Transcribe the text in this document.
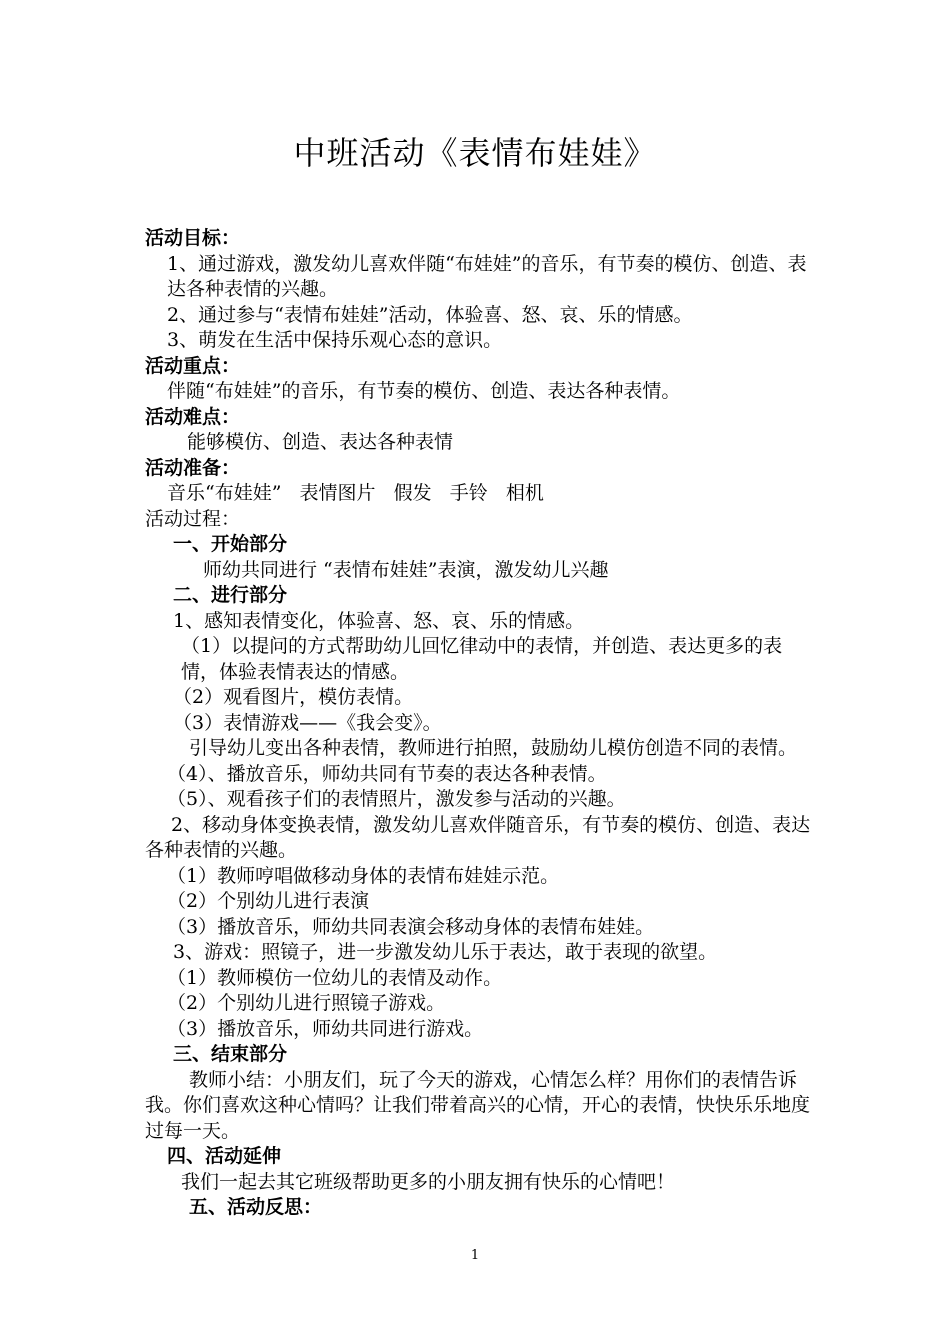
中班活动《表情布娃娃》

活动目标：

1、通过游戏，激发幼儿喜欢伴随“布娃娃”的音乐，有节奏的模仿、创造、表达各种表情的兴趣。

2、通过参与“表情布娃娃”活动，体验喜、怒、哀、乐的情感。

3、萌发在生活中保持乐观心态的意识。

活动重点：

伴随“布娃娃”的音乐，有节奏的模仿、创造、表达各种表情。

活动难点：

能够模仿、创造、表达各种表情

活动准备：

音乐“布娃娃”   表情图片   假发   手铃   相机

活动过程：

一、开始部分

师幼共同进行 “表情布娃娃”表演，激发幼儿兴趣

二、进行部分

1、感知表情变化，体验喜、怒、哀、乐的情感。

（1）以提问的方式帮助幼儿回忆律动中的表情，并创造、表达更多的表情，体验表情表达的情感。

（2）观看图片，模仿表情。

（3）表情游戏——《我会变》。

引导幼儿变出各种表情，教师进行拍照，鼓励幼儿模仿创造不同的表情。

（4）、播放音乐，师幼共同有节奏的表达各种表情。

（5）、观看孩子们的表情照片，激发参与活动的兴趣。

2、移动身体变换表情，激发幼儿喜欢伴随音乐，有节奏的模仿、创造、表达各种表情的兴趣。

（1）教师哼唱做移动身体的表情布娃娃示范。

（2）个别幼儿进行表演

（3）播放音乐，师幼共同表演会移动身体的表情布娃娃。

3、游戏：照镜子，进一步激发幼儿乐于表达，敢于表现的欲望。

（1）教师模仿一位幼儿的表情及动作。

（2）个别幼儿进行照镜子游戏。

（3）播放音乐，师幼共同进行游戏。

三、结束部分

教师小结：小朋友们，玩了今天的游戏，心情怎么样？用你们的表情告诉我。你们喜欢这种心情吗？让我们带着高兴的心情，开心的表情，快快乐乐地度过每一天。

四、活动延伸

我们一起去其它班级帮助更多的小朋友拥有快乐的心情吧！

五、活动反思：

1
